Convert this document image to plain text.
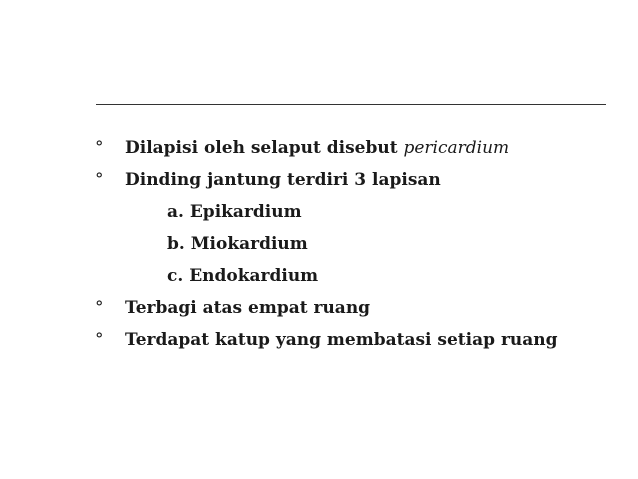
° Dilapisi oleh selaput disebut pericardium
° Dinding jantung terdiri 3 lapisan
a. Epikardium
b. Miokardium
c. Endokardium
° Terbagi atas empat ruang
° Terdapat katup yang membatasi setiap ruang
